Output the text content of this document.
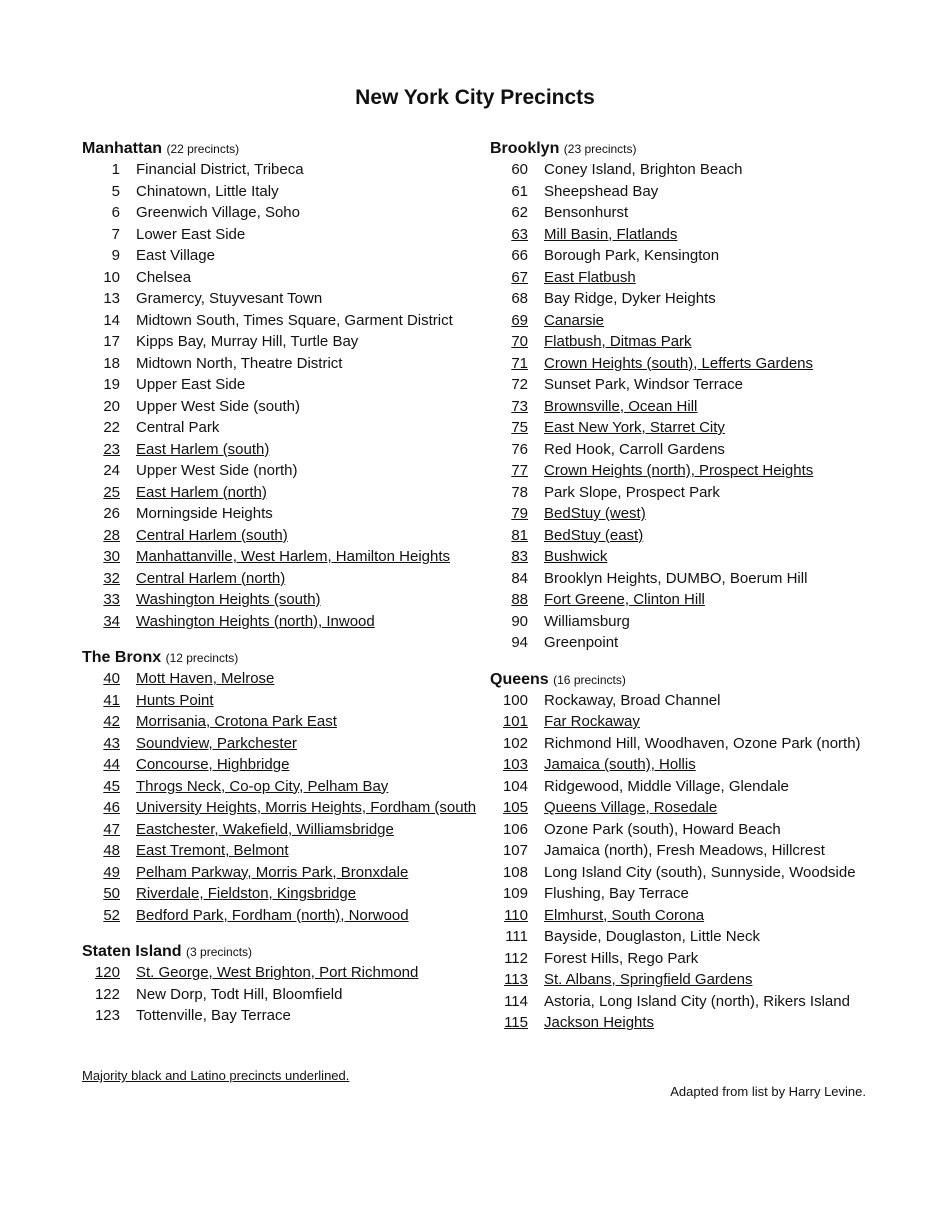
New York City Precincts
Manhattan (22 precincts)
1 Financial District, Tribeca
5 Chinatown, Little Italy
6 Greenwich Village, Soho
7 Lower East Side
9 East Village
10 Chelsea
13 Gramercy, Stuyvesant Town
14 Midtown South, Times Square, Garment District
17 Kipps Bay, Murray Hill, Turtle Bay
18 Midtown North, Theatre District
19 Upper East Side
20 Upper West Side (south)
22 Central Park
23 East Harlem (south)
24 Upper West Side (north)
25 East Harlem (north)
26 Morningside Heights
28 Central Harlem (south)
30 Manhattanville, West Harlem, Hamilton Heights
32 Central Harlem (north)
33 Washington Heights (south)
34 Washington Heights (north), Inwood
The Bronx (12 precincts)
40 Mott Haven, Melrose
41 Hunts Point
42 Morrisania, Crotona Park East
43 Soundview, Parkchester
44 Concourse, Highbridge
45 Throgs Neck, Co-op City, Pelham Bay
46 University Heights, Morris Heights, Fordham (south
47 Eastchester, Wakefield, Williamsbridge
48 East Tremont, Belmont
49 Pelham Parkway, Morris Park, Bronxdale
50 Riverdale, Fieldston, Kingsbridge
52 Bedford Park, Fordham (north), Norwood
Staten Island (3 precincts)
120 St. George, West Brighton, Port Richmond
122 New Dorp, Todt Hill, Bloomfield
123 Tottenville, Bay Terrace
Brooklyn (23 precincts)
60 Coney Island, Brighton Beach
61 Sheepshead Bay
62 Bensonhurst
63 Mill Basin, Flatlands
66 Borough Park, Kensington
67 East Flatbush
68 Bay Ridge, Dyker Heights
69 Canarsie
70 Flatbush, Ditmas Park
71 Crown Heights (south), Lefferts Gardens
72 Sunset Park, Windsor Terrace
73 Brownsville, Ocean Hill
75 East New York, Starret City
76 Red Hook, Carroll Gardens
77 Crown Heights (north), Prospect Heights
78 Park Slope, Prospect Park
79 BedStuy (west)
81 BedStuy (east)
83 Bushwick
84 Brooklyn Heights, DUMBO, Boerum Hill
88 Fort Greene, Clinton Hill
90 Williamsburg
94 Greenpoint
Queens (16 precincts)
100 Rockaway, Broad Channel
101 Far Rockaway
102 Richmond Hill, Woodhaven, Ozone Park (north)
103 Jamaica (south), Hollis
104 Ridgewood, Middle Village, Glendale
105 Queens Village, Rosedale
106 Ozone Park (south), Howard Beach
107 Jamaica (north), Fresh Meadows, Hillcrest
108 Long Island City (south), Sunnyside, Woodside
109 Flushing, Bay Terrace
110 Elmhurst, South Corona
111 Bayside, Douglaston, Little Neck
112 Forest Hills, Rego Park
113 St. Albans, Springfield Gardens
114 Astoria, Long Island City (north), Rikers Island
115 Jackson Heights
Majority black and Latino precincts underlined.
Adapted from list by Harry Levine.
